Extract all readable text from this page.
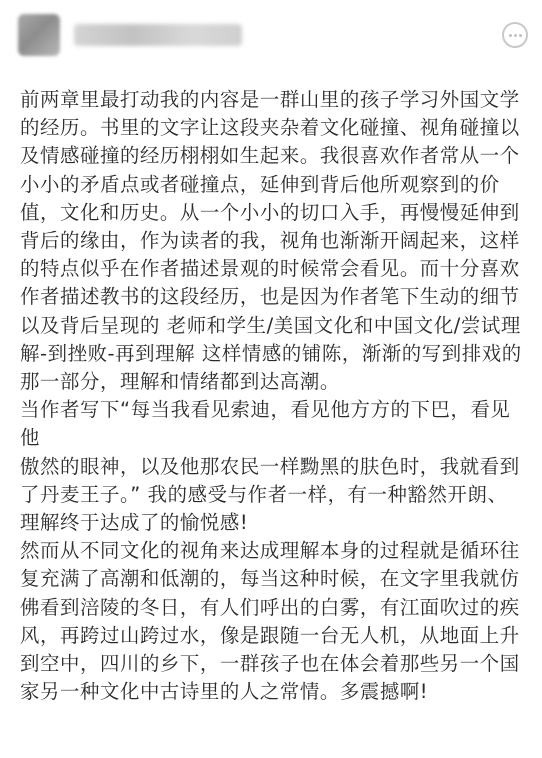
前两章里最打动我的内容是一群山里的孩子学习外国文学
的经历。书里的文字让这段夹杂着文化碰撞、视角碰撞以
及情感碰撞的经历栩栩如生起来。我很喜欢作者常从一个
小小的矛盾点或者碰撞点，延伸到背后他所观察到的价
值，文化和历史。从一个小小的切口入手，再慢慢延伸到
背后的缘由，作为读者的我，视角也渐渐开阔起来，这样
的特点似乎在作者描述景观的时候常会看见。而十分喜欢
作者描述教书的这段经历，也是因为作者笔下生动的细节
以及背后呈现的 老师和学生/美国文化和中国文化/尝试理
解-到挫败-再到理解 这样情感的铺陈，渐渐的写到排戏的
那一部分，理解和情绪都到达高潮。

当作者写下“每当我看见索迪，看见他方方的下巴，看见他
傲然的眼神，以及他那农民一样黝黑的肤色时，我就看到
了丹麦王子。” 我的感受与作者一样，有一种豁然开朗、
理解终于达成了的愉悦感!

然而从不同文化的视角来达成理解本身的过程就是循环往
复充满了高潮和低潮的，每当这种时候，在文字里我就仿
佛看到涪陵的冬日，有人们呼出的白雾，有江面吹过的疾
风，再跨过山跨过水，像是跟随一台无人机，从地面上升
到空中，四川的乡下，一群孩子也在体会着那些另一个国
家另一种文化中古诗里的人之常情。多震撼啊!
